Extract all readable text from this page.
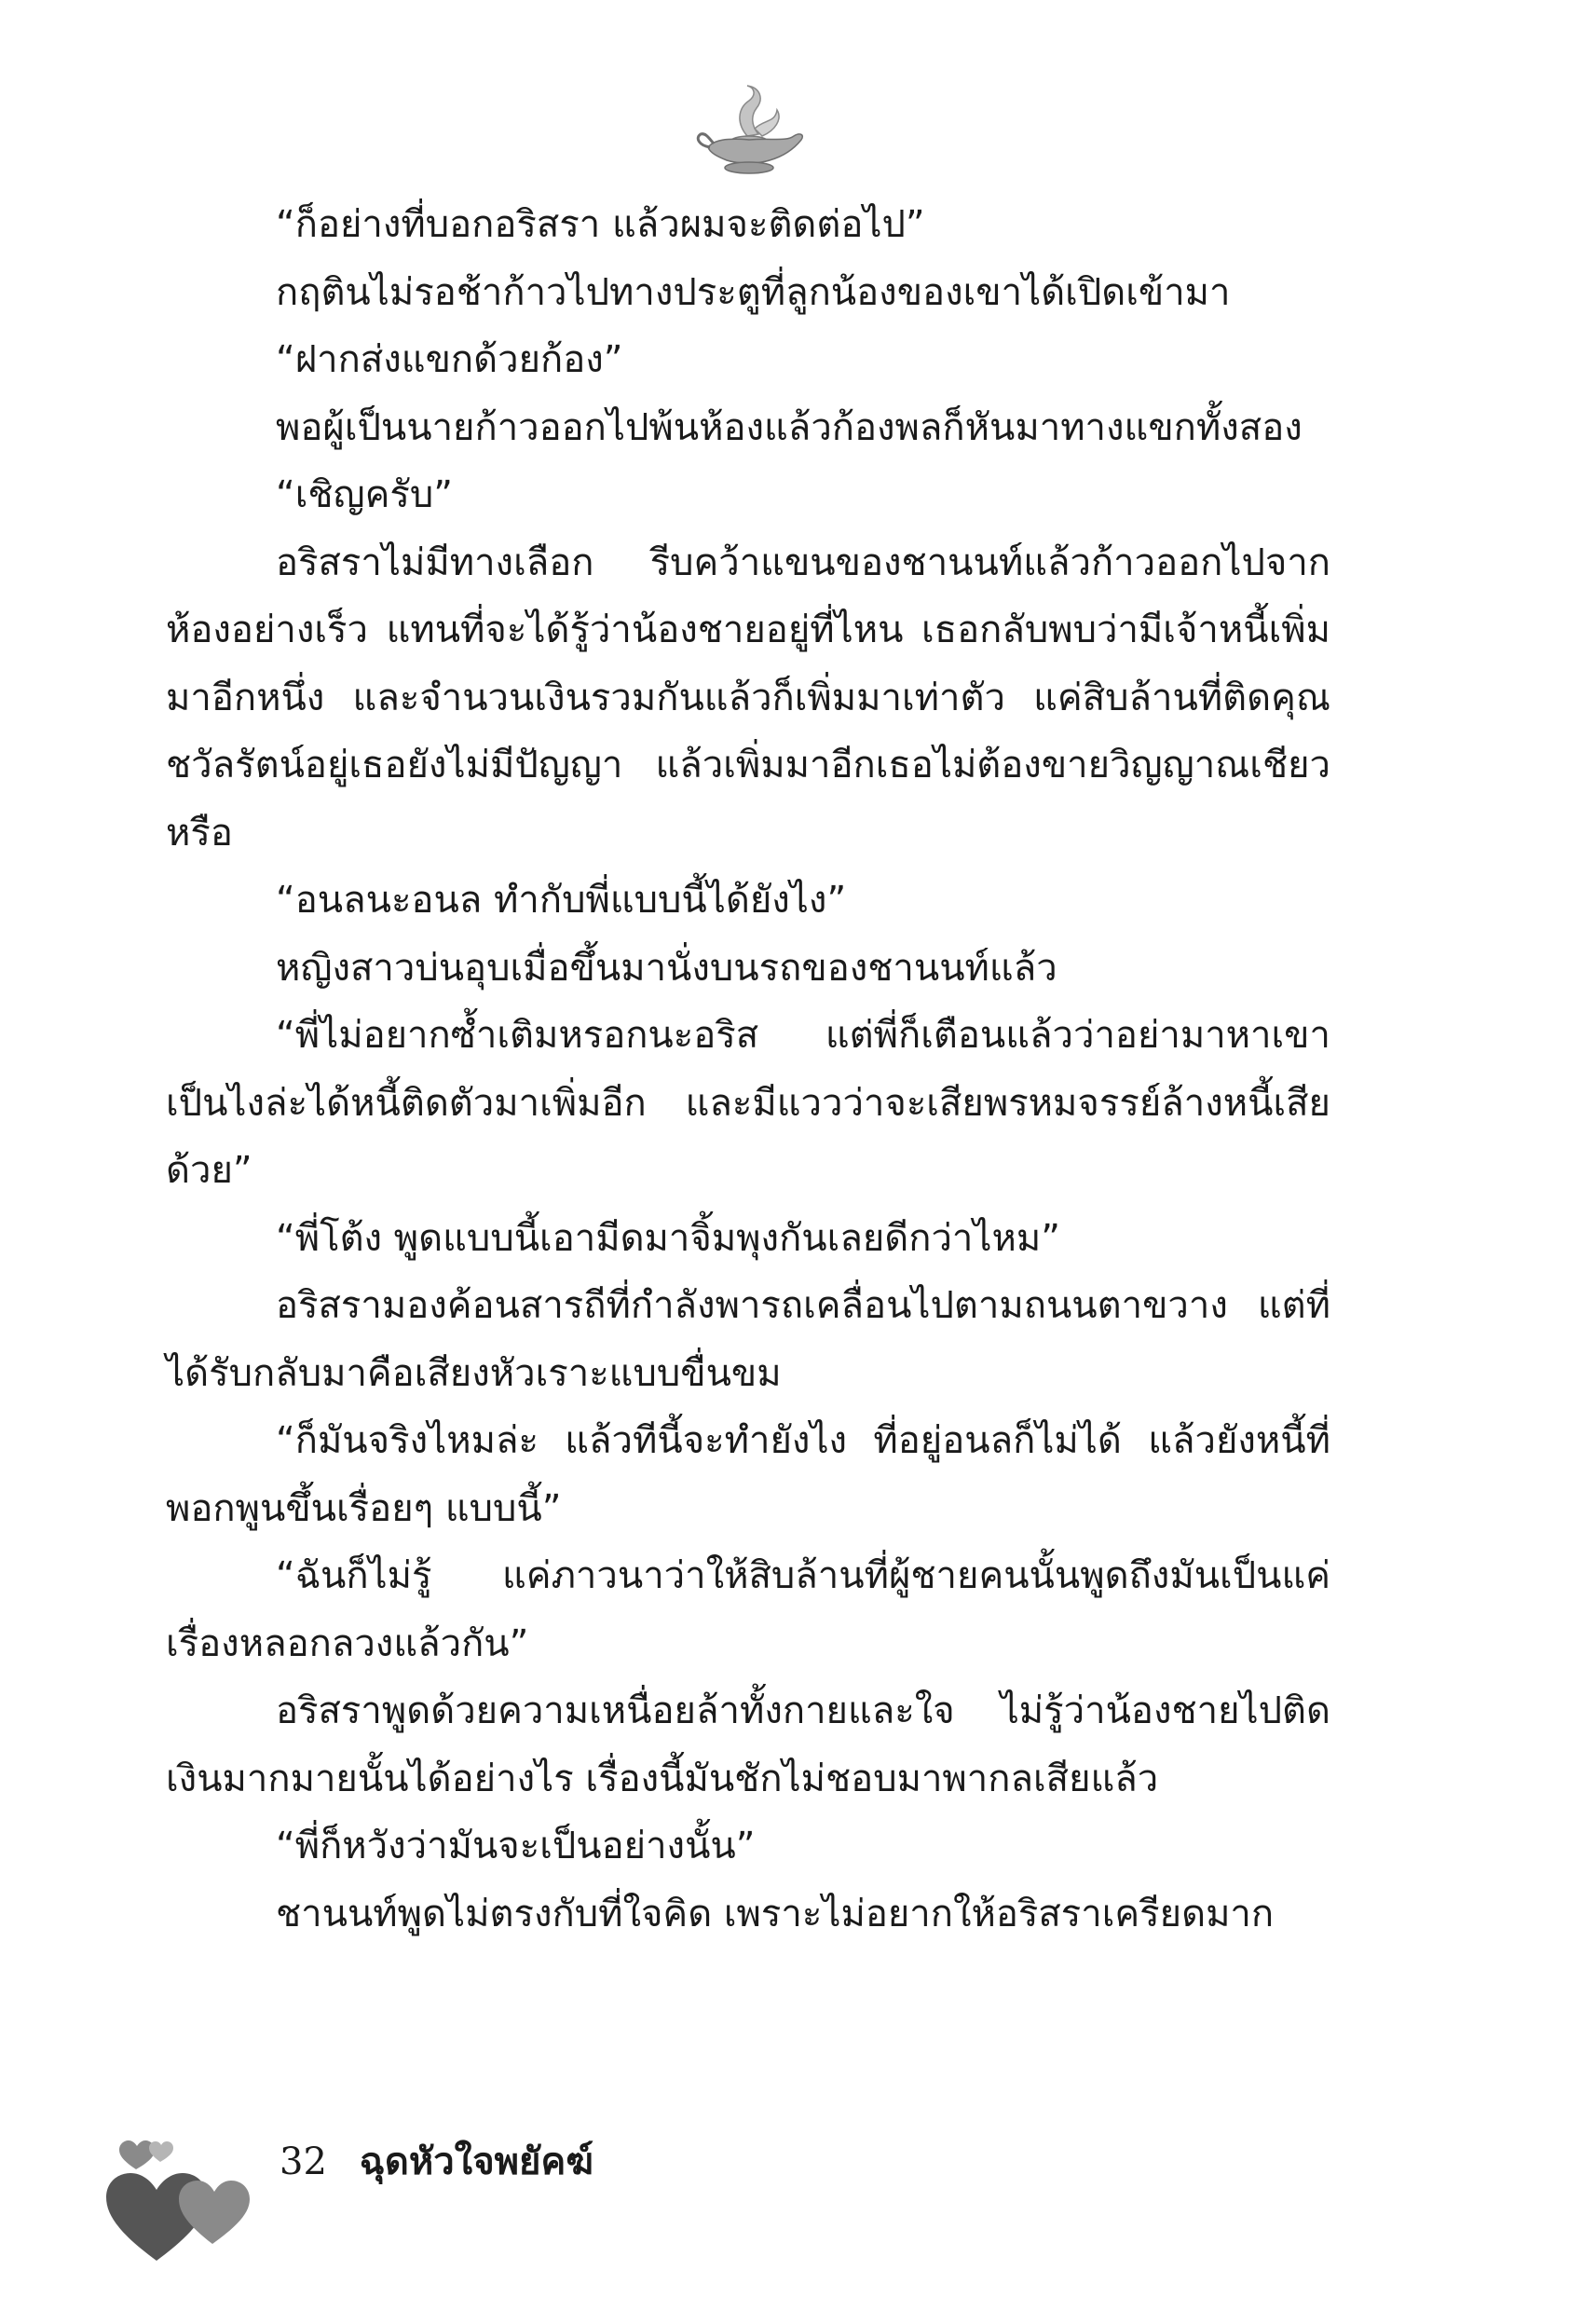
“ก็อย่างที่บอกอริสรา แล้วผมจะติดต่อไป”

กฤตินไม่รอช้าก้าวไปทางประตูที่ลูกน้องของเขาได้เปิดเข้ามา

“ฝากส่งแขกด้วยก้อง”

พอผู้เป็นนายก้าวออกไปพ้นห้องแล้วก้องพลก็หันมาทางแขกทั้งสอง

“เชิญครับ”

อริสราไม่มีทางเลือก รีบคว้าแขนของชานนท์แล้วก้าวออกไปจากห้องอย่างเร็ว แทนที่จะได้รู้ว่าน้องชายอยู่ที่ไหน เธอกลับพบว่ามีเจ้าหนี้เพิ่มมาอีกหนึ่ง และจำนวนเงินรวมกันแล้วก็เพิ่มมาเท่าตัว แค่สิบล้านที่ติดคุณชวัลรัตน์อยู่เธอยังไม่มีปัญญา แล้วเพิ่มมาอีกเธอไม่ต้องขายวิญญาณเชียวหรือ

“อนลนะอนล ทำกับพี่แบบนี้ได้ยังไง”

หญิงสาวบ่นอุบเมื่อขึ้นมานั่งบนรถของชานนท์แล้ว

“พี่ไม่อยากซ้ำเติมหรอกนะอริส แต่พี่ก็เตือนแล้วว่าอย่ามาหาเขาเป็นไงล่ะได้หนี้ติดตัวมาเพิ่มอีก และมีแววว่าจะเสียพรหมจรรย์ล้างหนี้เสียด้วย”

“พี่โต้ง พูดแบบนี้เอามีดมาจิ้มพุงกันเลยดีกว่าไหม”

อริสรามองค้อนสารถีที่กำลังพารถเคลื่อนไปตามถนนตาขวาง แต่ที่ได้รับกลับมาคือเสียงหัวเราะแบบขื่นขม

“ก็มันจริงไหมล่ะ แล้วทีนี้จะทำยังไง ที่อยู่อนลก็ไม่ได้ แล้วยังหนี้ที่พอกพูนขึ้นเรื่อยๆ แบบนี้”

“ฉันก็ไม่รู้ แค่ภาวนาว่าให้สิบล้านที่ผู้ชายคนนั้นพูดถึงมันเป็นแค่เรื่องหลอกลวงแล้วกัน”

อริสราพูดด้วยความเหนื่อยล้าทั้งกายและใจ ไม่รู้ว่าน้องชายไปติดเงินมากมายนั้นได้อย่างไร เรื่องนี้มันชักไม่ชอบมาพากลเสียแล้ว

“พี่ก็หวังว่ามันจะเป็นอย่างนั้น”

ชานนท์พูดไม่ตรงกับที่ใจคิด เพราะไม่อยากให้อริสราเครียดมาก

32 ฉุดหัวใจพยัคฆ์
